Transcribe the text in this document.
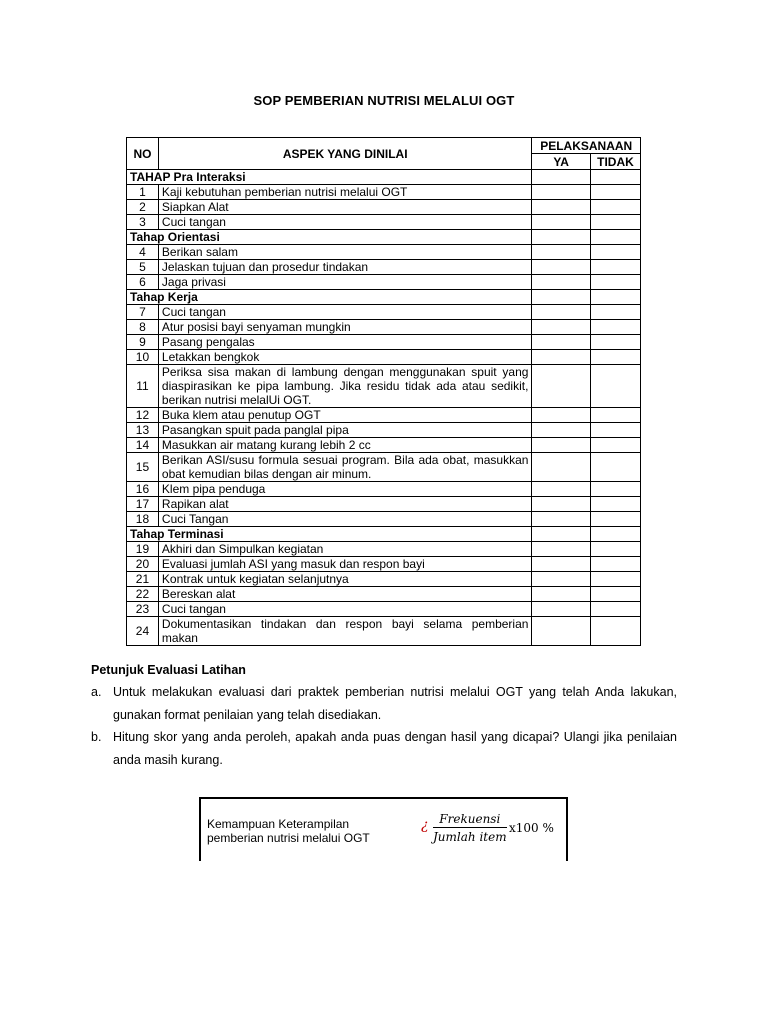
SOP PEMBERIAN NUTRISI MELALUI OGT
NO	ASPEK YANG DINILAI	PELAKSANAAN	
		YA	TIDAK
TAHAP Pra Interaksi			
1	Kaji kebutuhan pemberian nutrisi melalui OGT		
2	Siapkan Alat		
3	Cuci tangan		
Tahap Orientasi			
4	Berikan salam		
5	Jelaskan tujuan dan prosedur tindakan		
6	Jaga privasi		
Tahap Kerja			
7	Cuci tangan		
8	Atur posisi bayi senyaman mungkin		
9	Pasang pengalas		
10	Letakkan bengkok		
11	Periksa sisa makan di lambung dengan menggunakan spuit yang diaspirasikan ke pipa lambung. Jika residu tidak ada atau sedikit, berikan nutrisi melalUi OGT.		
12	Buka klem atau penutup OGT		
13	Pasangkan spuit pada panglal pipa		
14	Masukkan air matang kurang lebih 2 cc		
15	Berikan ASI/susu formula sesuai program. Bila ada obat, masukkan obat kemudian bilas dengan air minum.		
16	Klem pipa penduga		
17	Rapikan alat		
18	Cuci Tangan		
Tahap Terminasi			
19	Akhiri dan Simpulkan kegiatan		
20	Evaluasi jumlah ASI yang masuk dan respon bayi		
21	Kontrak untuk kegiatan selanjutnya		
22	Bereskan alat		
23	Cuci tangan		
24	Dokumentasikan tindakan dan respon bayi selama pemberian makan		
Petunjuk Evaluasi Latihan
a. Untuk melakukan evaluasi dari praktek pemberian nutrisi melalui OGT yang telah Anda lakukan, gunakan format penilaian yang telah disediakan.
b. Hitung skor yang anda peroleh, apakah anda puas dengan hasil yang dicapai? Ulangi jika penilaian anda masih kurang.
Kemampuan Keterampilan
pemberian nutrisi melalui OGT
¿ Frekuensi
Jumlah item
x100 %
